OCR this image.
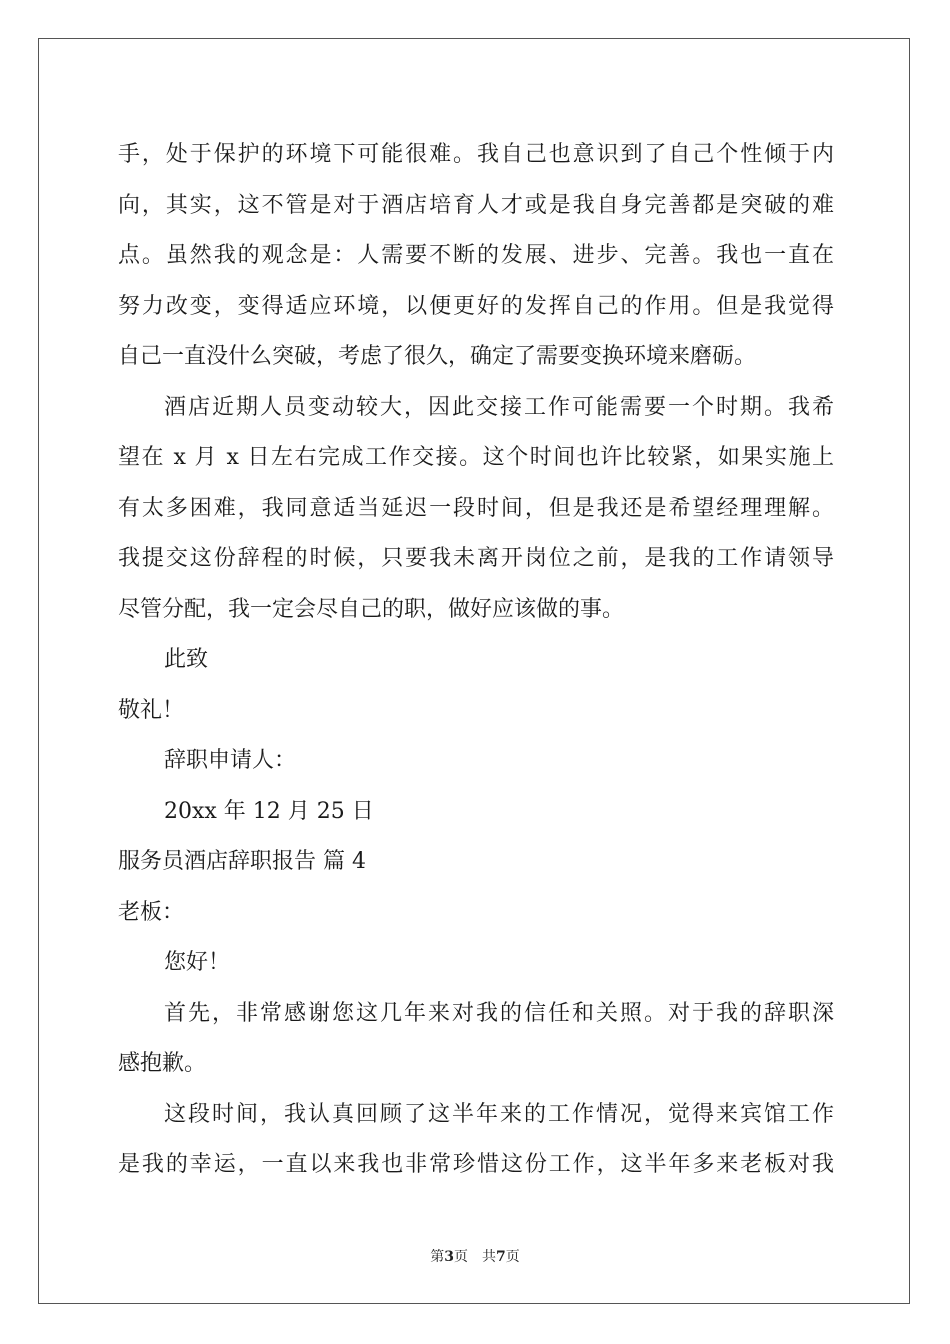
手，处于保护的环境下可能很难。我自己也意识到了自己个性倾于内
向，其实，这不管是对于酒店培育人才或是我自身完善都是突破的难
点。虽然我的观念是：人需要不断的发展、进步、完善。我也一直在
努力改变，变得适应环境，以便更好的发挥自己的作用。但是我觉得
自己一直没什么突破，考虑了很久，确定了需要变换环境来磨砺。
酒店近期人员变动较大，因此交接工作可能需要一个时期。我希
望在 x 月 x 日左右完成工作交接。这个时间也许比较紧，如果实施上
有太多困难，我同意适当延迟一段时间，但是我还是希望经理理解。
我提交这份辞程的时候，只要我未离开岗位之前，是我的工作请领导
尽管分配，我一定会尽自己的职，做好应该做的事。
此致
敬礼！
辞职申请人：
20xx 年 12 月 25 日
服务员酒店辞职报告 篇 4
老板：
您好！
首先，非常感谢您这几年来对我的信任和关照。对于我的辞职深
感抱歉。
这段时间，我认真回顾了这半年来的工作情况，觉得来宾馆工作
是我的幸运，一直以来我也非常珍惜这份工作，这半年多来老板对我
第3页　共7页
